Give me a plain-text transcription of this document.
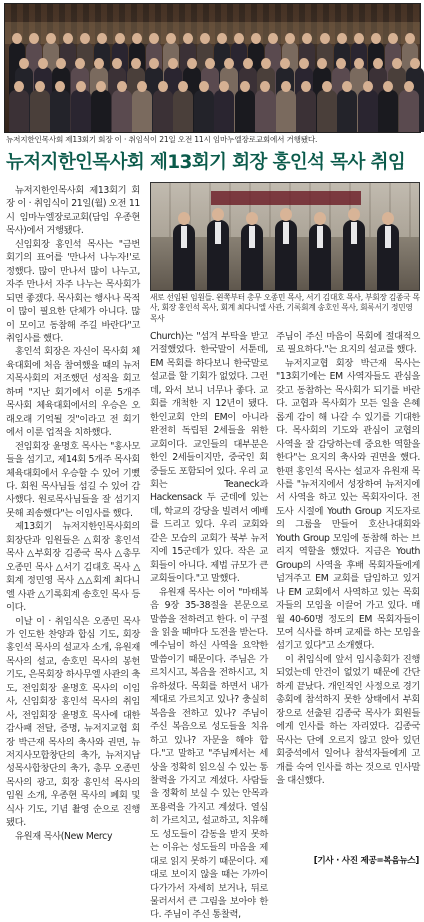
뉴저지한인목사회 제13회기 회장 이 · 취임식이 21일 오전 11시 임마누엘장로교회에서 거행됐다.
뉴저지한인목사회 제13회기 회장 홍인석 목사 취임

뉴저지한인목사회 제13회기 회장 이 · 취임식이 21일(월) 오전 11시 임마누엘장로교회(담임 우종현 목사)에서 거행됐다.

신임회장 홍인석 목사는 "금번 회기의 표어를 '만나서 나누자!'로 정했다. 많이 만나서 많이 나누고, 자주 만나서 자주 나누는 목사회가 되면 좋겠다. 목사회는 행사나 목적이 많이 필요한 단체가 아니다. 많이 모이고 동참해 주길 바란다"고 취임사를 했다.

홍인석 회장은 자신이 목사회 체육대회에 처음 참여했을 때의 뉴저지목사회의 저조했던 성적을 회고하며 "지난 회기에서 이룬 5개주 목사회 체육대회에서의 우승은 오래오래 기억될 것"이라고 전 회기에서 이룬 업적을 치하했다.

전임회장 윤명호 목사는 "홍사모들을 섬기고, 제14회 5개주 목사회 체육대회에서 우승할 수 있어 기뻤다. 회원 목사님들 섬길 수 있어 감사했다. 원로목사님들을 잘 섬기지 못해 죄송했다"는 이임사를 했다.

제13회기 뉴저지한인목사회의 회장단과 임원들은 △회장 홍인석 목사 △부회장 김종국 목사 △총무 오종민 목사 △서기 김대호 목사 △회계 정민영 목사 △△회계 최다니엘 사관 △기록회계 송호인 목사 등이다.

이날 이 · 취임식은 오종민 목사가 인도한 찬양과 합심 기도, 회장 홍인석 목사의 설교자 소개, 유원재 목사의 설교, 송호민 목사의 봉헌 기도, 은목회장 하사무엘 사관의 축도, 전임회장 윤명호 목사의 이임사, 신임회장 홍인석 목사의 취임사, 전임회장 윤명호 목사에 대한 감사패 전달, 증명, 뉴저지교협 회장 박근재 목사의 축사와 권면, 뉴저지사모합창단의 축가, 뉴저지남성목사합창단의 축가, 총무 오종민 목사의 광고, 회장 홍인석 목사의 임원 소개, 우종현 목사의 폐회 및 식사 기도, 기념 촬영 순으로 진행됐다.

유원재 목사(New Mercy

새로 선임된 임원들. 왼쪽부터 총무 오종민 목사, 서기 김대호 목사, 부회장 김종국 목사, 회장 홍인석 목사, 회계 최다니엘 사관, 기록회계 송호인 목사, 회록서기 정민영 목사

Church)는 "섬겨 부탁을 받고 거절했었다. 한국말이 서툰데, EM 목회를 하다보니 한국말로 설교를 할 기회가 없었다. 그런데, 와서 보니 너무나 좋다. 교회를 개척한 지 12년이 됐다. 한인교회 안의 EM이 아니라 완전히 독립된 2세들을 위한 교회이다. 교인들의 대부분은 한인 2세들이지만, 중국인 회중들도 포함되어 있다. 우리 교회는 Teaneck과 Hackensack 두 군데에 있는데, 학교의 강당을 빌려서 예배를 드리고 있다. 우리 교회와 같은 모습의 교회가 북부 뉴저지에 15군데가 있다. 작은 교회들이 아니다. 제법 규모가 큰 교회들이다."고 말했다.

유원재 목사는 이어 "마태복음 9장 35-38절을 본문으로 말씀을 전하려고 한다. 이 구절을 읽을 때마다 도전을 받는다. 예수님이 하신 사역을 요약한 말씀이기 때문이다. 주님은 가르치시고, 복음을 전하시고, 치유하셨다. 목회를 하면서 내가 제대로 가르치고 있나? 충실히 복음을 전하고 있나? 주님이 주신 복음으로 성도들을 치유하고 있나? 자문을 해야 합다."고 말하고 "주님께서는 세상을 정확히 읽으실 수 있는 통찰력을 가지고 계셨다. 사람들을 정확히 보실 수 있는 안목과 포용력을 가지고 계셨다. 열심히 가르치고, 설교하고, 치유해도 성도들이 감동을 받지 못하는 이유는 성도들의 마음을 제대로 읽지 못하기 때문이다. 제대로 보이지 않을 때는 가까이 다가가서 자세히 보거나, 뒤로 물러서서 큰 그림을 보아야 한다. 주님이 주신 통찰력,

주님이 주신 마음이 목회에 절대적으로 필요하다."는 요지의 설교를 했다.

뉴저지교협 회장 박근재 목사는 "13회기에는 EM 사역자들도 관심을 갖고 동참하는 목사회가 되기를 바란다. 교협과 목사회가 모든 일을 은혜롭게 감이 해 나갈 수 있기를 기대한다. 목사회의 기도와 관심이 교협의 사역을 잘 감당하는데 중요한 역할을 한다"는 요지의 축사와 권면을 했다. 한편 홍인석 목사는 설교자 유원재 목사를 "뉴저지에서 성장하여 뉴저지에서 사역을 하고 있는 목회자이다. 전도사 시절에 Youth Group 지도자로의 그룹을 만들어 호산나대회와 Youth Group 모임에 동참해 하는 브리지 역할을 했었다. 지금은 Youth Group의 사역을 후배 목회자들에게 넘겨주고 EM 교회를 담임하고 있거나 EM 교회에서 사역하고 있는 목회자들의 모임을 이끌어 가고 있다. 매월 40-60명 정도의 EM 목회자들이 모여 식사를 하며 교제를 하는 모임을 섬기고 있다"고 소개했다.

이 취임식에 앞서 임시총회가 진행되었는데 안건이 없었기 때문에 간단하게 끝났다. 개인적인 사정으로 경기총회에 참석하지 못한 상태에서 부회장으로 선출된 김종국 목사가 회원들에게 인사를 하는 자리였다. 김종국 목사는 단에 오르지 않고 앉아 있던 회중석에서 일어나 참석자들에게 고개를 숙여 인사를 하는 것으로 인사말을 대신했다.

[기사 · 사진 제공=복음뉴스]
